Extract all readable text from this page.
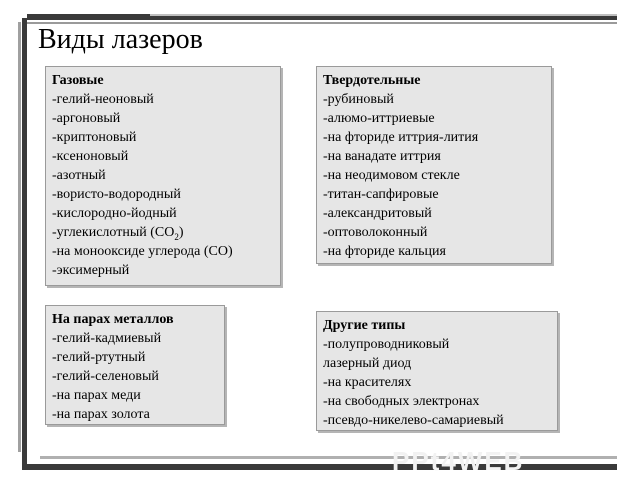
Виды лазеров
Газовые
-гелий-неоновый
-аргоновый
-криптоновый
-ксеноновый
-азотный
-вористо-водородный
-кислородно-йодный
-углекислотный $(CO_2)$
-на монооксиде углерода (CO)
-эксимерный
Твердотельные
-рубиновый
-алюмо-иттриевые
-на фториде иттрия-лития
-на ванадате иттрия
-на неодимовом стекле
-титан-сапфировые
-александритовый
-оптоволоконный
-на фториде кальция
На парах металлов
-гелий-кадмиевый
-гелий-ртутный
-гелий-селеновый
-на парах меди
-на парах золота
Другие типы
-полупроводниковый
лазерный диод
-на красителях
-на свободных электронах
-псевдо-никелево-самариевый
PPt4WEB
